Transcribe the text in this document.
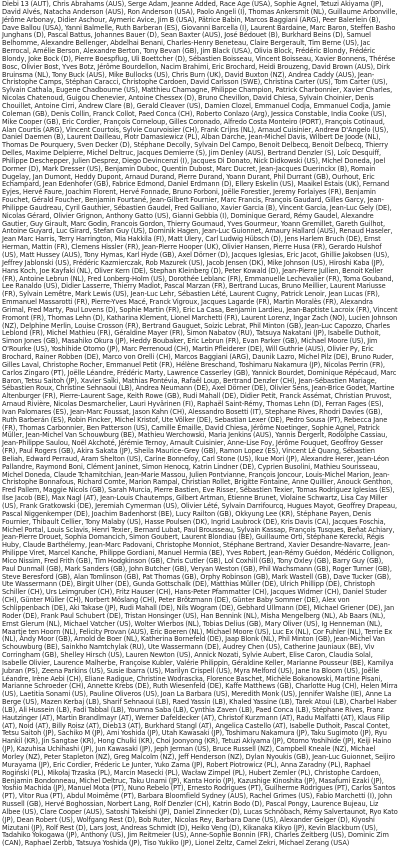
Diebi 13 (AUT), Chris Abrahams (AUS), Serge Adam, Jeanne Added, Race Age (USA), Sophie Agnel, Tetuzi Akiyama (JP), David Alvés, Natacha Anderson (AUS), Ron Anderson (USA), Paolo Angeli (I), Thomas Ankersmit (NL), Guillaume Arbonville, Jérôme Arbonay, Didier Aschour, Aymeric Avice, Jim B (USA), Pätrice Babin, Marcos Baggiani (ARG), Peer Balerlein (B), Dave Ballou (USA), Yanni Balmelle, Ruth Barberan (ES), Giovanni Barcella (I), Laurent Bardaine, Marc Baron, Steffen Basho Junghans (D), Pascal Battus, Johannes Bauer (D), Sean Baxter (AUS), José Bédouet (B), Burkhard Beins (D), Samuel Belhomme, Alexandre Bellenger, Abdelhai Benani, Charles-Henry Beneteau, Claire Bergerault, Tim Berne (US), Jac Berrocal, Amélie Berson, Alexandre Berton, Tony Bevan (GB), Jim Black (USA), Olivia Block, Frédéric Blondy, Frédéric Blondy, Joke Bock (D), Pierre Boespflug, Uli Boettcher (D), Sébastien Boisseau, Vincent Boisseau, Xavier Bonnens, Thérése Bosc, Olivier Bost, Yves Botz, Jérôme Bourdellon, Nacim Brahimi, Eric Brochard, Heidi Brouzeng, David Brown (AUS), Dirk Bruinsma (NL), Tony Buck (AUS), Mike Bullocks (US), Chris Burn (UK), David Buxton (NZ), Andrea Caddy (AUS), Jean-Christophe Camps, Stéphan Caracci, Christophe Cardoen, David Carlsson (SWE), Christina Carter (US), Tom Carter (US), Sylvain Cathala, Eugene Chadbourne (US), Matthieu Chamagne, Philippe Champion, Patrick Charbonnier, Xavier Charles, Nicolas Chatenoud, Guigou Chenevier, Antoine Chessex (D), Bruno Chevillon, David Chiesa, Sylvain Choinier, Denis Chouillet, Antoine Cirri, Andrew Clare (B), Gerald Cleaver (US), Damien Clozel, Emmanuel Codja, Emmanuel Codja, Jamie Coleman (GB), Denis Collin, Franck Collot, Paed Conca (CH), Roberto Conlazo (Arg), Jessica Constable, India Cooke (US), Mike Cooper (GB), Eric Cordier, François Corneloup, Gilles Coronado, Alfredo Costa Monteiro (PORT), François Cotinaud, Alan Courtis (ARG), Vincent Courtois, Sylvie Courvoisier (CH), Frank Crijns (NL), Arnaud Cuisinier, Andrew D'Angelo (US), Daniel Daemen (B), Laurent Dailleau, Piotr Damasiewicz (PL), Alban Darche, Jean-Michel Davis, Wilbert De Joode (NL), Thomas De Pourquery, Sven Decker (D), Stéphane Decolly, Sylvain Del Campo, Benoit Delbecq, Benoit Delbecq, Thierry Delles, Maxime Delpierre, Michel Deltruc, Jacques Demierre (S), Jim Denley (AUS), Bertrand Denzler (S), Loïc Desquiff, Philippe Deschepper, Julien Desprez, Diego Devincenzi (I), Jacques Di Donato, Nick Didkowski (US), Michel Doneda, Joel Dormer (D), Mark Dresser (US), Benjamin Duboc, Quentin Dubost, Marc Ducret, Jean-Jacques Duerinckx (B), Romain Dugelay, Jan Dumont, Heddy Dupont, Arnaud Durand, Pierre Durand, Yoann Durant, Phil Durrant (GB), Ourhout, Eric Echampard, Jean Edenhofer (GB), Fabrice Edmond, Daniel Erdmann (D), Ellery Eskelin (US), Maaikel Estais (UK), Fernand Eyjes, Hervé Faure, Joachim Florent, Hervé Fonnade, Bruno Forboni, Joëlle Forestier, Jeremy Forlaiyes (FR), Benjamin Fouchet, Gérald Foucher, Benjamin Fourtané, Jean-Gilbert Fournier, Marc Francis, François Gaudard, Gilles Garcy, Jean-Philippe Gaudreau, Cyril Gauthier, Sébastien Gaudel, Fred Galliano, Xavier Garcia (B), Vincent Garcia, Jean-Luc Gely (DE), Nicolas Gérard, Olivier Grignon, Anthony Gatto (US), Gianni Gebbia (I), Dominique Gerard, Rémy Gaudel, Alexandre Gautier, Guy Girault, Marc Godin, Francois Gordon, Thierry Goumaud, Yves Gourmeur, Yoann Gremillet, Gareth Guilhot, Antoine Guyard, Luc Girard, Stefan Guy (US), Dominik Hagen, Jean-Luc Guionnet, Amaury Hallard (AUS), Renaud Haseler, Jean Marc Harris, Terry Harrington, Mia Hakkila (FI), Matt Ulery, Carl Ludwig Hübsch (D), Jens Harlem Bruch (DE), Ernst Herman, Mattin (FR), Clemens Hissler (FR), Jean-Pierre Hooper (UK), Olivier Hansen, Pierre Husa (FR), Gerardo Hulshof (US), Matt Hussey (AUS), Tony Hymas, Karl Hyde (GB), Axel Dörner (D), Jacques Iglesias, Eric Jacot, Ghillie Jakobsen (US), Jeffrey Jablonski (US), Frédéric Kazmierczak, Rob Mazurek (US), Jacob Jensen (DK), Mike Johnson (US), Hiroshi Kaba (JP), Hans Koch, Joe Kayfaki (NL), Oliver Kern (DE), Stephan Kleinberg (D), Peter Kowald (D), Jean-Pierre Jullien, Benoit Keller (FR), Antoine Lebrun (NL), Fred Lonberg-Holm (US), Dorothée Leblanc (FR), Emmanuelle Lechevalier (FR), Toma Gouband, Lee Ranaldo (US), Didier Lasserre, Thierry Madiot, Pascal Marzan (FR), Bertrand Lucas, Bruno Meillier, Laurent Mariusse (FR), Sylvain Lemêtre, Mark Lewis (US), Jean-Luc Lehr, Sébastien Lété, Laurent Cugny, Patrick Lenoir, Jean Lucas (FR), Emmanuel Massarotti (FR), Pierre-Yves Macé, Franck Vigroux, Jacques Lagarde (FR), Martin Moralès (FR), Alexandra Grimal, Fred Marty, Paul Lovens (D), Sophie Martin (FR), Eric La Casa, Benjamin Lardieu, Jean-Baptiste Lacroix (FR), Vincent Fromont (FR), Thomas Lehn (D), Katharina Klement, Lionel Marchetti (FR), Laurent Lorenz, Ingar Zach (NO), Lucien Johnson (NZ), Delphine Merlin, Louise Crosson (FR), Bertrand Gauguet, Soizic Lebrat, Phil Minton (GB), Jean-Luc Capozzo, Charles Leblond (FR), Michel Mathieu (FR), Géraldine Mayer (FR), Simon Nabatov (RU), Tatsuya Nakatani (JP), Isabelle Duthoit, Simon Jones (GB), Masahiko Okura (JP), Heddy Boubaker, Eric Lebrun (FR), Evan Parker (GB), Michael Moore (US), Jim O'Rourke (US), Yoshihide Otomo (JP), Marc Perrenoud (CH), Martin Pfleiderer (DE), Will Guthrie (AUS), Olivier Py, Eric Brochard, Rainer Robben (DE), Marco von Orelli (CH), Marcos Baggiani (ARG), Daunik Lazro, Michel Pilz (DE), Bruno Ruder, Gilles Laval, Christophe Rocher, Emmanuel Petit (FR), Hélène Breschand, Toshimaru Nakamura (JP), Nicolas Perrin (FR), Carlos Zingaro (PT), Joëlle Léandre, Frédéric Marty, Lawrence Casserley (GB), Yannick Bourdet, Dominique Répécaud, Marc Baron, Tetsu Saitoh (JP), Xavier Saïki, Mathias Pontévia, Rafaël Loup, Bertrand Denzler (CH), Jean-Sébastien Mariage, Sébastien Roux, Christine Sehnaoui (LB), Andrea Neumann (DE), Axel Dörner (DE), Olivier Sens, Jean-Brice Godet, Martine Altenburger (FR), Pierre-Laurent Sage, Keith Rowe (GB), Rudi Mahall (DE), Didier Petit, Franck Assémat, Christian Pruvost, Arnaud Rivière, Nicolas Desmarchelier, Lauri Hyvärinen (FI), Raphaël Saint-Rémy, Thomas Lehn (D), Ferran Fages (ES), Ivan Palomares (ES), Jean-Marc Foussat, Jason Kahn (CH), Alessandro Bosetti (IT), Stephane Rives, Rhodri Davies (GB), Ruth Barberán (ES), Robin Fincker, Michel Kristof, Ute Völker (DE), Sebastian Lexer (DE), Pedro Sousa (PT), Rebecca Jane (FR), Thomas Carbonnier, Ben Patterson (US), Camille Émaille, David Chiesa, Jérôme Noetinger, Sophie Agnel, Patrick Müller, Jean-Michel Van Schouwburg (BE), Mathieu Werchowski, Maria Jenkins (AUS), Yannis Dergerlt, Rodolphe Cassiau, Jean-Philippe Saulou, Noël Akchoté, Jérémie Ternoy, Arnault Cuisinier, Anne-Lise Foy, Jérôme Fouquet, Geoffroy Gesser (FR), Paul Rogers (GB), Akira Sakata (JP), Sheila Maurice-Grey (GB), Ramon Lopez (ES), Vincent Lê Quang, Sébastien Beliah, Edward Perraud, Aram Shelton (US), Carine Bonnefoy, Carl Stone (US), Ikue Mori (JP), Alexandre Herer, Jean-Léon Pallandre, Raymond Boni, Clément Janinet, Simon Henocq, Katrin Lindner (DE), Cyprien Busolini, Mathieu Sourisseau, Michel Doneda, Claude Tchamitchian, Jean-Marie Massou, Julien Pontvianne, François Joncour, Louis-Michel Marion, Jean-Christophe Bonnafous, Richard Comte, Marion Rampal, Christian Rollet, Brigitte Fontaine, Anne Quillier, Anouck Genthon, Fred Pallem, Maggie Nicols (GB), Sarah Murcia, Pierre Bastien, Eve Risser, Sébastien Texier, Tomas Rodriguez Iglesias (ES), Ilse Jacob (BE), Max Nagl (AT), Jean-Louis Chautemps, Gilbert Artman, Étienne Brunet, Violaine Schwartz, Lisa Cay Miller (US), Frank Gratkowski (DE), Jeremiah Cymerman (US), Olivier Lété, Sylvain Darrifourcq, Hugues Mayot, Geoffrey Drapeau, Pascal Niggenkemper (DE), Joachim Badenhorst (BE), Lucy Railton (GB), Okkyung Lee (KR), Stéphane Payen, Denis Fournier, Thibault Cellier, Tony Malaby (US), Hasse Poulsen (DK), Ingrid Laubrock (DE), Kris Davis (CA), Jacques Foschia, Michel Portal, Louis Sclavis, Henri Texier, Bernard Lubat, Paul Brousseau, Sylvain Kassap, François Tusques, Beñat Achiary, Jean-Pierre Drouet, Sophia Domancich, Simon Goubert, Laurent Blondiau (BE), Guillaume Orti, Stéphane Kerecki, Régis Huby, Claude Barthélemy, Jean-Marc Padovani, Christophe Monniot, Stéphane Bertrand, Xavier Desandre-Navarre, Jean-Philippe Viret, Marcel Kanche, Philippe Gordiani, Manuel Hermia (BE), Yves Robert, Jean-Rémy Guédon, Médéric Collignon, Mico Nissim, Fred Frith (GB), Tim Hodgkinson (GB), Chris Cutler (GB), Lol Coxhill (GB), Tony Oxley (GB), Barry Guy (GB), Paul Dunmall (GB), Mark Sanders (GB), John Butcher (GB), Veryan Weston (GB), Phil Wachsmann (GB), Roger Turner (GB), Steve Beresford (GB), Alan Tomlinson (GB), Pat Thomas (GB), Orphy Robinson (GB), Mark Wastell (GB), Dave Tucker (GB), Ute Wassermann (DE), Birgit Ulher (DE), Gunda Gottschalk (DE), Matthias Müller (DE), Ulrich Phillipp (DE), Christoph Schiller (CH), Urs Leimgruber (CH), Fritz Hauser (CH), Hans-Peter Pfammatter (CH), Jacques Widmer (CH), Daniel Studer (CH), Günter Müller (CH), Norbert Möslang (CH), Peter Brötzmann (DE), Günter Baby Sommer (DE), Alex von Schlippenbach (DE), Aki Takase (JP), Rudi Mahall (DE), Nils Wogram (DE), Gebhard Ullmann (DE), Michael Griener (DE), Jan Roder (DE), Frank Paul Schubert (DE), Tristan Honsinger (US), Han Bennink (NL), Misha Mengelberg (NL), Ab Baars (NL), Ernst Glerum (NL), Michael Vatcher (US), Wolter Wierbos (NL), Tobias Delius (GB), Mary Oliver (US), Ig Henneman (NL), Maartje ten Hoorn (NL), Felicity Provan (AUS), Eric Boeren (NL), Michael Moore (US), Luc Ex (NL), Cor Fuhler (NL), Terrie Ex (NL), Andy Moor (GB), Arnold de Boer (NL), Katherina Bornefeld (DE), Jaap Blonk (NL), Phil Minton (GB), Jean-Michel Van Schouwburg (BE), Sainkho Namtchylak (RU), Ute Wassermann (DE), Audrey Chen (US), Catherine Jauniaux (BE), Viv Corringham (GB), Shelley Hirsch (US), Lauren Newton (US), Annick Nozati, Sylvie Aubert, Elise Caron, Claudia Solal, Isabelle Olivier, Laurence Malherbe, Françoise Kubler, Valérie Philippin, Géraldine Keller, Marianne Pousseur (BE), Kamilya Jubran (PS), Zeena Parkins (US), Susie Ibarra (US), Marilyn Crispell (US), Myra Melford (US), Jane Ira Bloom (US), Joëlle Léandre, Irène Aebi (CH), Eliane Radigue, Christine Wodrascka, Florence Baschet, Michèle Bokanowski, Martine Pisani, Marianne Schroeder (CH), Annette Krebs (DE), Ruth Wiesenfeld (DE), Kaffe Matthews (GB), Charlotte Hug (CH), Helen Mirra (US), Laetitia Sonami (US), Pauline Oliveros (US), Joan La Barbara (US), Meredith Monk (US), Jennifer Walshe (IE), Anne La Berge (US), Mazen Kerbaj (LB), Sharif Sehnaoui (LB), Raed Yassin (LB), Khaled Yassine (LB), Tarek Atoui (LB), Charbel Haber (LB), Ali Hussein (LB), Fadi Tabbal (LB), Youmna Saba (LB), Cynthia Zaven (LB), Paed Conca (LB), Stéphane Rives, Franz Hautzinger (AT), Martin Brandlmayr (AT), Werner Dafeldecker (AT), Christof Kurzmann (AT), Radu Malfatti (AT), Klaus Filip (AT), Noid (AT), Billy Roisz (AT), Dieb13 (AT), Burkhard Stangl (AT), Angelica Castello (AT), Isabelle Duthoit, Pascal Contet, Tetsu Saitoh (JP), Sachiko M (JP), Ami Yoshida (JP), Utah Kawasaki (JP), Toshimaru Nakamura (JP), Taku Sugimoto (JP), Ryu Hankil (KR), Jin Sangtae (KR), Hong Chulki (KR), Choi Joonyong (KR), Tetuzi Akiyama (JP), Otomo Yoshihide (JP), Keiji Haino (JP), Kazuhisa Uchihashi (JP), Jun Kawasaki (JP), Jeph Jerman (US), Bruce Russell (NZ), Campbell Kneale (NZ), Michael Morley (NZ), Peter Stapleton (NZ), Greg Malcolm (NZ), Jeff Henderson (NZ), Dylan Nyoukis (GB), Jean-Luc Guionnet, Seijiro Murayama (JP), Eric Cordier, Fréderic Le Junter, Yuko Zama (JP), Robert Piotrowicz (PL), Anna Zaradny (PL), Raphael Rogiński (PL), Mikołaj Trzaska (PL), Marcin Masecki (PL), Wacław Zimpel (PL), Hubert Zemler (PL), Christophe Cardoen, Benjamin Bondonneau, Michel Deltruc, Taku Unami (JP), Kanta Horio (JP), Kazushige Kinoshita (JP), Masafumi Ezaki (JP), Yoshio Machida (JP), Manuel Mota (PT), Nuno Rebelo (PT), Ernesto Rodrigues (PT), Guilherme Rodrigues (PT), Carlos Santos (PT), Vitor Rua (PT), Abdul Moimême (PT), Barbara Bloomfield Sydney (AUS), Rachel Grimes (US), Fabio Marchetti (I), John Russell (GB), Hervé Boghossian, Norbert Lang, Rolf Denzler (CH), Katrin Bodo (D), Pascal Pongy, Laurence Bujeau, Liz Albee (US), Clare Cooper (AUS), Satoshi Takeishi (JP), Daniel Zinnecker (D), Lucas Schnöbach, Rémy Salvertaunot, Ryo Kato (JP), Dean Robert (US), Wolfgang Rest (D), Bob Ruter, Nicolas Rey, Barbara Dane (US), Alexander Geiger (D), Kiyoshi Mizutani (JP), Rolf Rest (D), Lars Jost, Andreas Schmidt (D), Heiko Veng (D), Kikanaka Kikyo (JP), Kevin Blackburn (US), Tadahiko Yokogawa (JP), Anthony (US), Jim Reitmeier (US), Anne-Sophie Bonnin (FR), Charles Zeitberg (US), Dominic Zim (CAN), Raphael Zerbb, Tatsuya Yoshida (JP), Tiso Yukiko (JP), Lionel Zeltz, Camel Zekri, Michael Zerang (USA)
